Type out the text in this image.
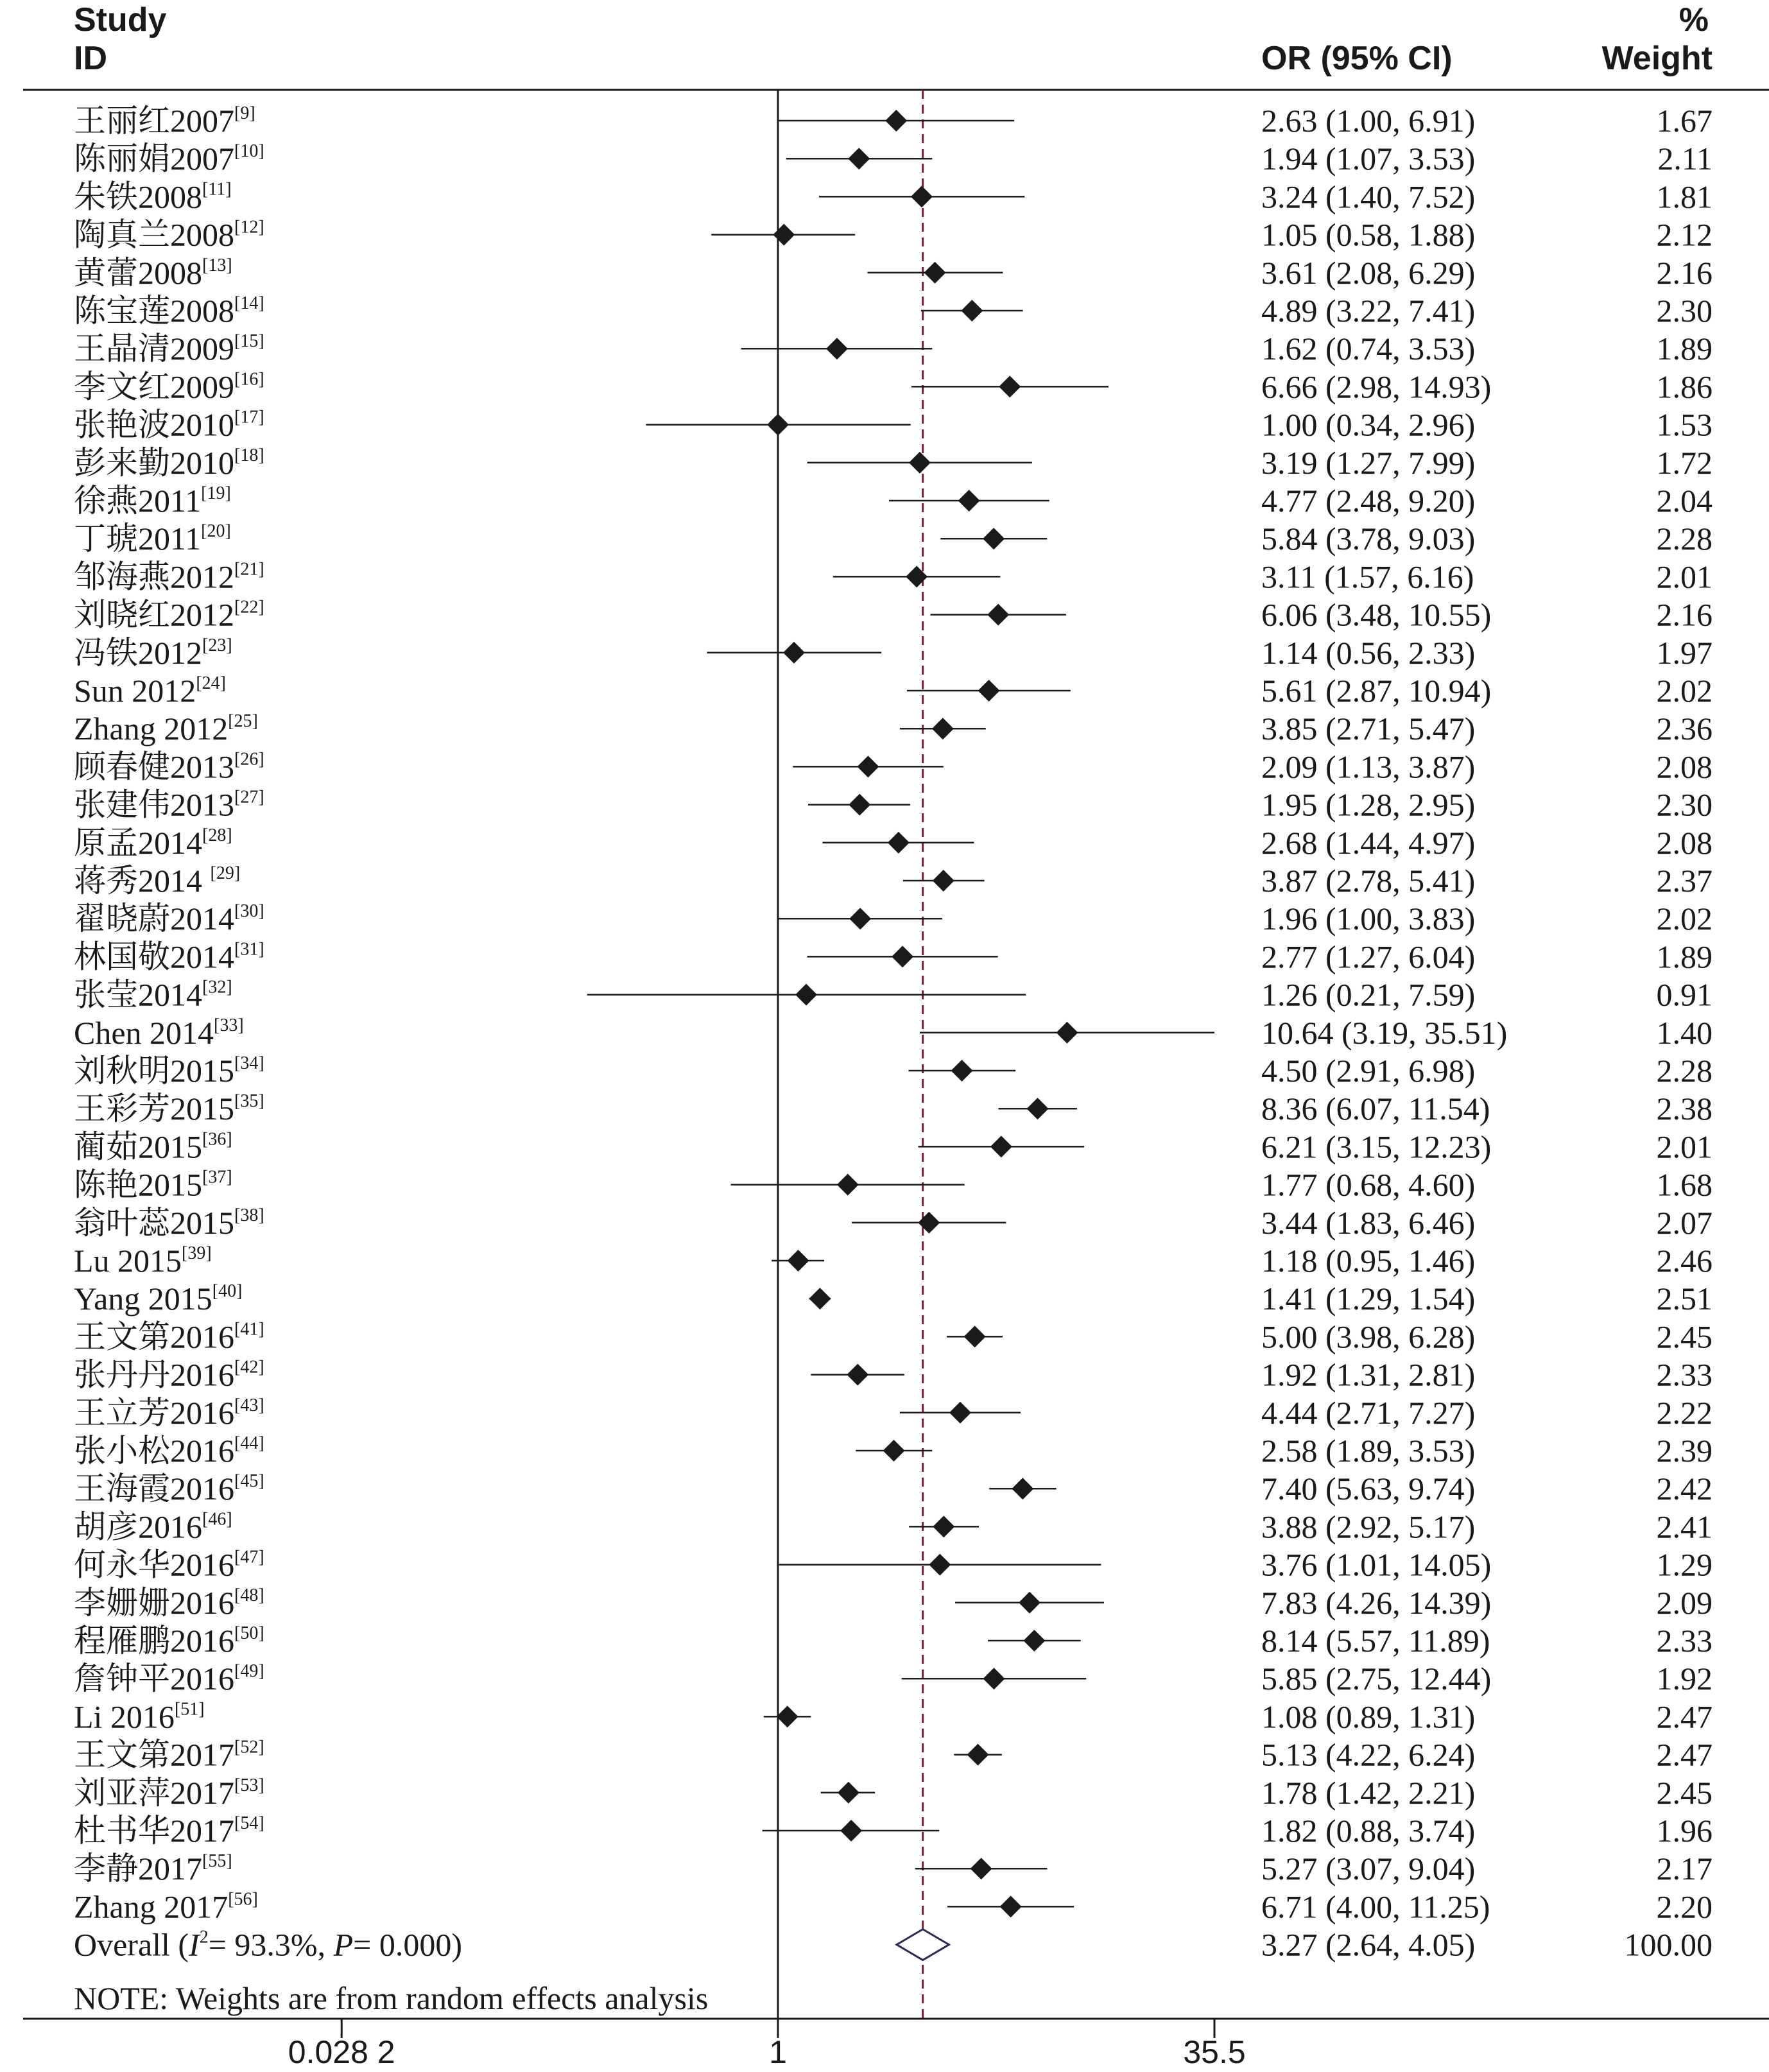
Study
ID	OR (95% CI)
%
Weight
王丽红2007[9]	2.63 (1.00, 6.91)	1.67
陈丽娟2007[10]	1.94 (1.07, 3.53)	2.11
朱铁2008[11]	3.24 (1.40, 7.52)	1.81
陶真兰2008[12]	1.05 (0.58, 1.88)	2.12
黄蕾2008[13]	3.61 (2.08, 6.29)	2.16
陈宝莲2008[14]	4.89 (3.22, 7.41)	2.30
王晶清2009[15]	1.62 (0.74, 3.53)	1.89
李文红2009[16]	6.66 (2.98, 14.93)	1.86
张艳波2010[17]	1.00 (0.34, 2.96)	1.53
彭来勤2010[18]	3.19 (1.27, 7.99)	1.72
徐燕2011[19]	4.77 (2.48, 9.20)	2.04
丁琥2011[20]	5.84 (3.78, 9.03)	2.28
邹海燕2012[21]	3.11 (1.57, 6.16)	2.01
刘晓红2012[22]	6.06 (3.48, 10.55)	2.16
冯铁2012[23]	1.14 (0.56, 2.33)	1.97
Sun 2012[24]	5.61 (2.87, 10.94)	2.02
Zhang 2012[25]	3.85 (2.71, 5.47)	2.36
顾春健2013[26]	2.09 (1.13, 3.87)	2.08
张建伟2013[27]	1.95 (1.28, 2.95)	2.30
原孟2014[28]	2.68 (1.44, 4.97)	2.08
蒋秀2014 [29]	3.87 (2.78, 5.41)	2.37
翟晓蔚2014[30]	1.96 (1.00, 3.83)	2.02
林国敬2014[31]	2.77 (1.27, 6.04)	1.89
张莹2014[32]	1.26 (0.21, 7.59)	0.91
Chen 2014[33]	10.64 (3.19, 35.51)	1.40
刘秋明2015[34]	4.50 (2.91, 6.98)	2.28
王彩芳2015[35]	8.36 (6.07, 11.54)	2.38
蔺茹2015[36]	6.21 (3.15, 12.23)	2.01
陈艳2015[37]	1.77 (0.68, 4.60)	1.68
翁叶蕊2015[38]	3.44 (1.83, 6.46)	2.07
Lu 2015[39]	1.18 (0.95, 1.46)	2.46
Yang 2015[40]	1.41 (1.29, 1.54)	2.51
王文第2016[41]	5.00 (3.98, 6.28)	2.45
张丹丹2016[42]	1.92 (1.31, 2.81)	2.33
王立芳2016[43]	4.44 (2.71, 7.27)	2.22
张小松2016[44]	2.58 (1.89, 3.53)	2.39
王海霞2016[45]	7.40 (5.63, 9.74)	2.42
胡彦2016[46]	3.88 (2.92, 5.17)	2.41
何永华2016[47]	3.76 (1.01, 14.05)	1.29
李姗姗2016[48]	7.83 (4.26, 14.39)	2.09
程雁鹏2016[50]	8.14 (5.57, 11.89)	2.33
詹钟平2016[49]	5.85 (2.75, 12.44)	1.92
Li 2016[51]	1.08 (0.89, 1.31)	2.47
王文第2017[52]	5.13 (4.22, 6.24)	2.47
刘亚萍2017[53]	1.78 (1.42, 2.21)	2.45
杜书华2017[54]	1.82 (0.88, 3.74)	1.96
李静2017[55]	5.27 (3.07, 9.04)	2.17
Zhang 2017[56]	6.71 (4.00, 11.25)	2.20
Overall ($I^2= 93.3\%$, P= 0.000)	3.27 (2.64, 4.05)	100.00
NOTE: Weights are from random effects analysis
0.028 2	1	35.5
